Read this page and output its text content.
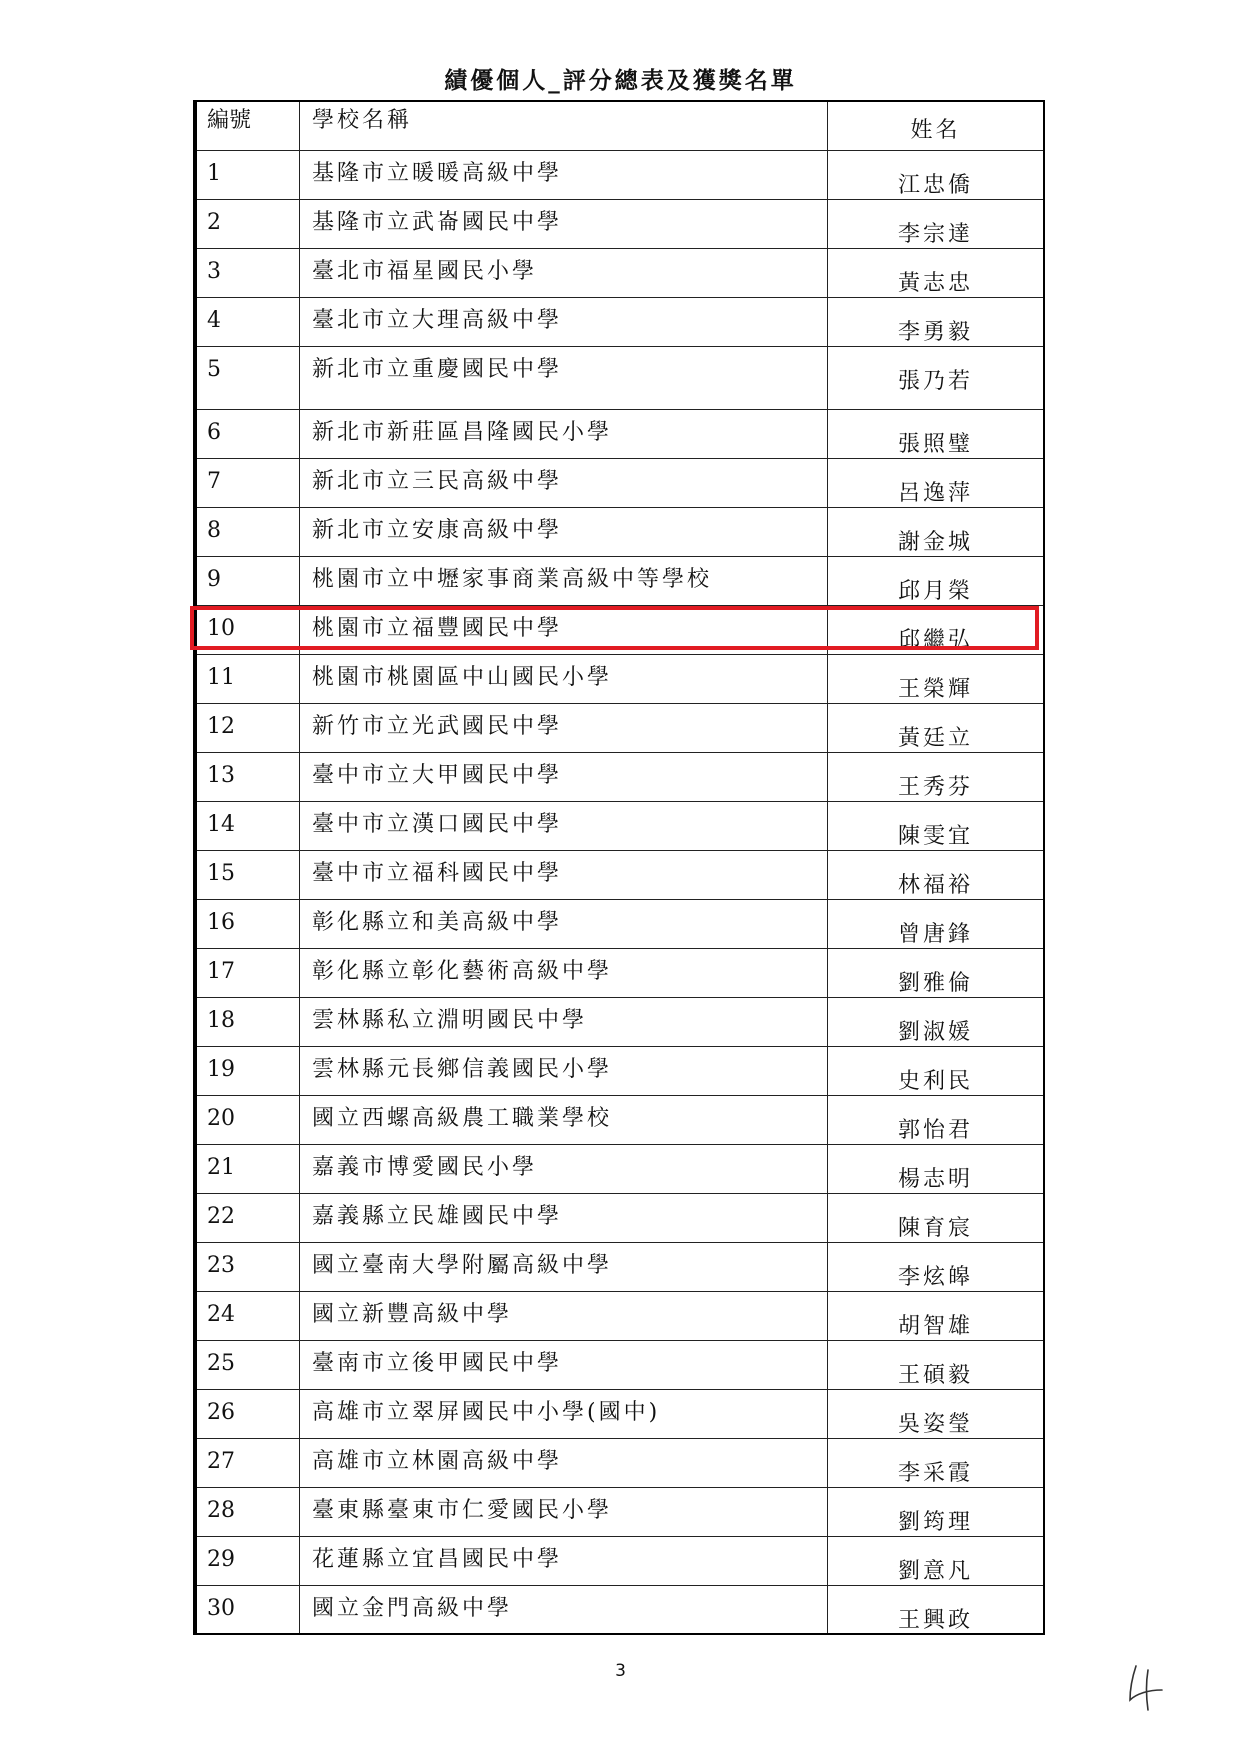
績優個人_評分總表及獲獎名單
編號	學校名稱	姓名
1	基隆市立暖暖高級中學	江忠僑
2	基隆市立武崙國民中學	李宗達
3	臺北市福星國民小學	黃志忠
4	臺北市立大理高級中學	李勇毅
5	新北市立重慶國民中學	張乃若
6	新北市新莊區昌隆國民小學	張照璧
7	新北市立三民高級中學	呂逸萍
8	新北市立安康高級中學	謝金城
9	桃園市立中壢家事商業高級中等學校	邱月榮
10	桃園市立福豐國民中學	邱繼弘
11	桃園市桃園區中山國民小學	王榮輝
12	新竹市立光武國民中學	黃廷立
13	臺中市立大甲國民中學	王秀芬
14	臺中市立漢口國民中學	陳雯宜
15	臺中市立福科國民中學	林福裕
16	彰化縣立和美高級中學	曾唐鋒
17	彰化縣立彰化藝術高級中學	劉雅倫
18	雲林縣私立淵明國民中學	劉淑媛
19	雲林縣元長鄉信義國民小學	史利民
20	國立西螺高級農工職業學校	郭怡君
21	嘉義市博愛國民小學	楊志明
22	嘉義縣立民雄國民中學	陳育宸
23	國立臺南大學附屬高級中學	李炫皞
24	國立新豐高級中學	胡智雄
25	臺南市立後甲國民中學	王碩毅
26	高雄市立翠屏國民中小學(國中)	吳姿瑩
27	高雄市立林園高級中學	李采霞
28	臺東縣臺東市仁愛國民小學	劉筠理
29	花蓮縣立宜昌國民中學	劉意凡
30	國立金門高級中學	王興政
3
